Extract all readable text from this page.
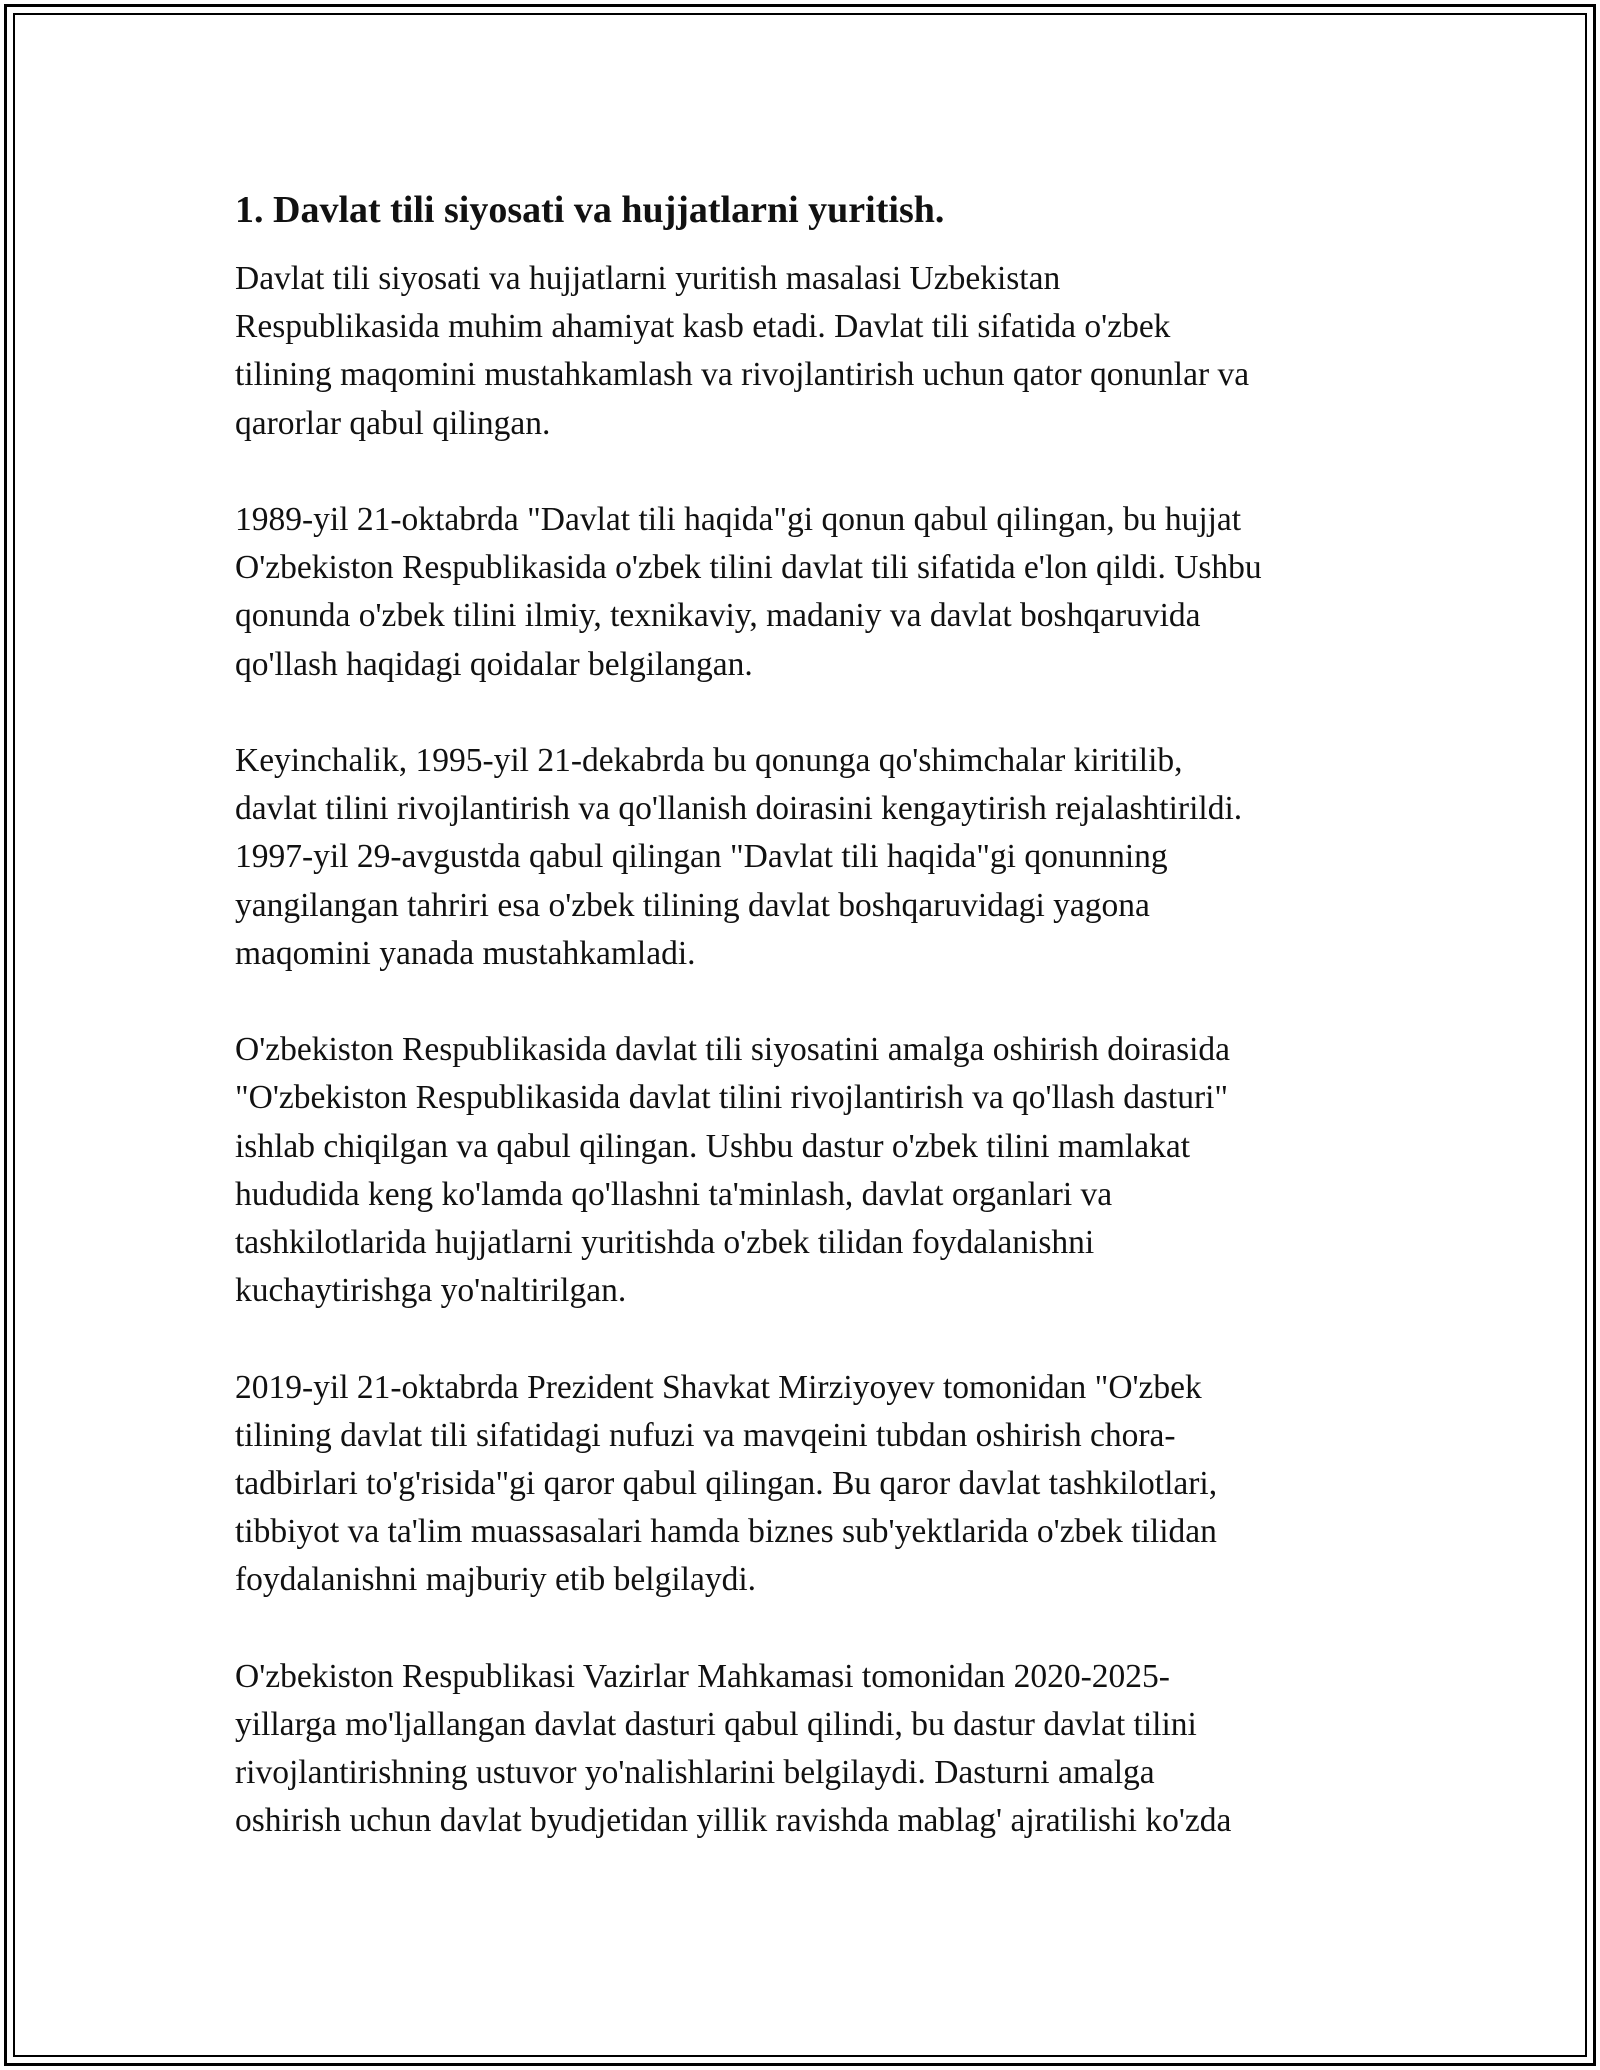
1. Davlat tili siyosati va hujjatlarni yuritish.
Davlat tili siyosati va hujjatlarni yuritish masalasi Uzbekistan
Respublikasida muhim ahamiyat kasb etadi. Davlat tili sifatida o'zbek
tilining maqomini mustahkamlash va rivojlantirish uchun qator qonunlar va
qarorlar qabul qilingan.
1989-yil 21-oktabrda "Davlat tili haqida"gi qonun qabul qilingan, bu hujjat
O'zbekiston Respublikasida o'zbek tilini davlat tili sifatida e'lon qildi. Ushbu
qonunda o'zbek tilini ilmiy, texnikaviy, madaniy va davlat boshqaruvida
qo'llash haqidagi qoidalar belgilangan.
Keyinchalik, 1995-yil 21-dekabrda bu qonunga qo'shimchalar kiritilib,
davlat tilini rivojlantirish va qo'llanish doirasini kengaytirish rejalashtirildi.
1997-yil 29-avgustda qabul qilingan "Davlat tili haqida"gi qonunning
yangilangan tahriri esa o'zbek tilining davlat boshqaruvidagi yagona
maqomini yanada mustahkamladi.
O'zbekiston Respublikasida davlat tili siyosatini amalga oshirish doirasida
"O'zbekiston Respublikasida davlat tilini rivojlantirish va qo'llash dasturi"
ishlab chiqilgan va qabul qilingan. Ushbu dastur o'zbek tilini mamlakat
hududida keng ko'lamda qo'llashni ta'minlash, davlat organlari va
tashkilotlarida hujjatlarni yuritishda o'zbek tilidan foydalanishni
kuchaytirishga yo'naltirilgan.
2019-yil 21-oktabrda Prezident Shavkat Mirziyoyev tomonidan "O'zbek
tilining davlat tili sifatidagi nufuzi va mavqeini tubdan oshirish chora-
tadbirlari to'g'risida"gi qaror qabul qilingan. Bu qaror davlat tashkilotlari,
tibbiyot va ta'lim muassasalari hamda biznes sub'yektlarida o'zbek tilidan
foydalanishni majburiy etib belgilaydi.
O'zbekiston Respublikasi Vazirlar Mahkamasi tomonidan 2020-2025-
yillarga mo'ljallangan davlat dasturi qabul qilindi, bu dastur davlat tilini
rivojlantirishning ustuvor yo'nalishlarini belgilaydi. Dasturni amalga
oshirish uchun davlat byudjetidan yillik ravishda mablag' ajratilishi ko'zda
